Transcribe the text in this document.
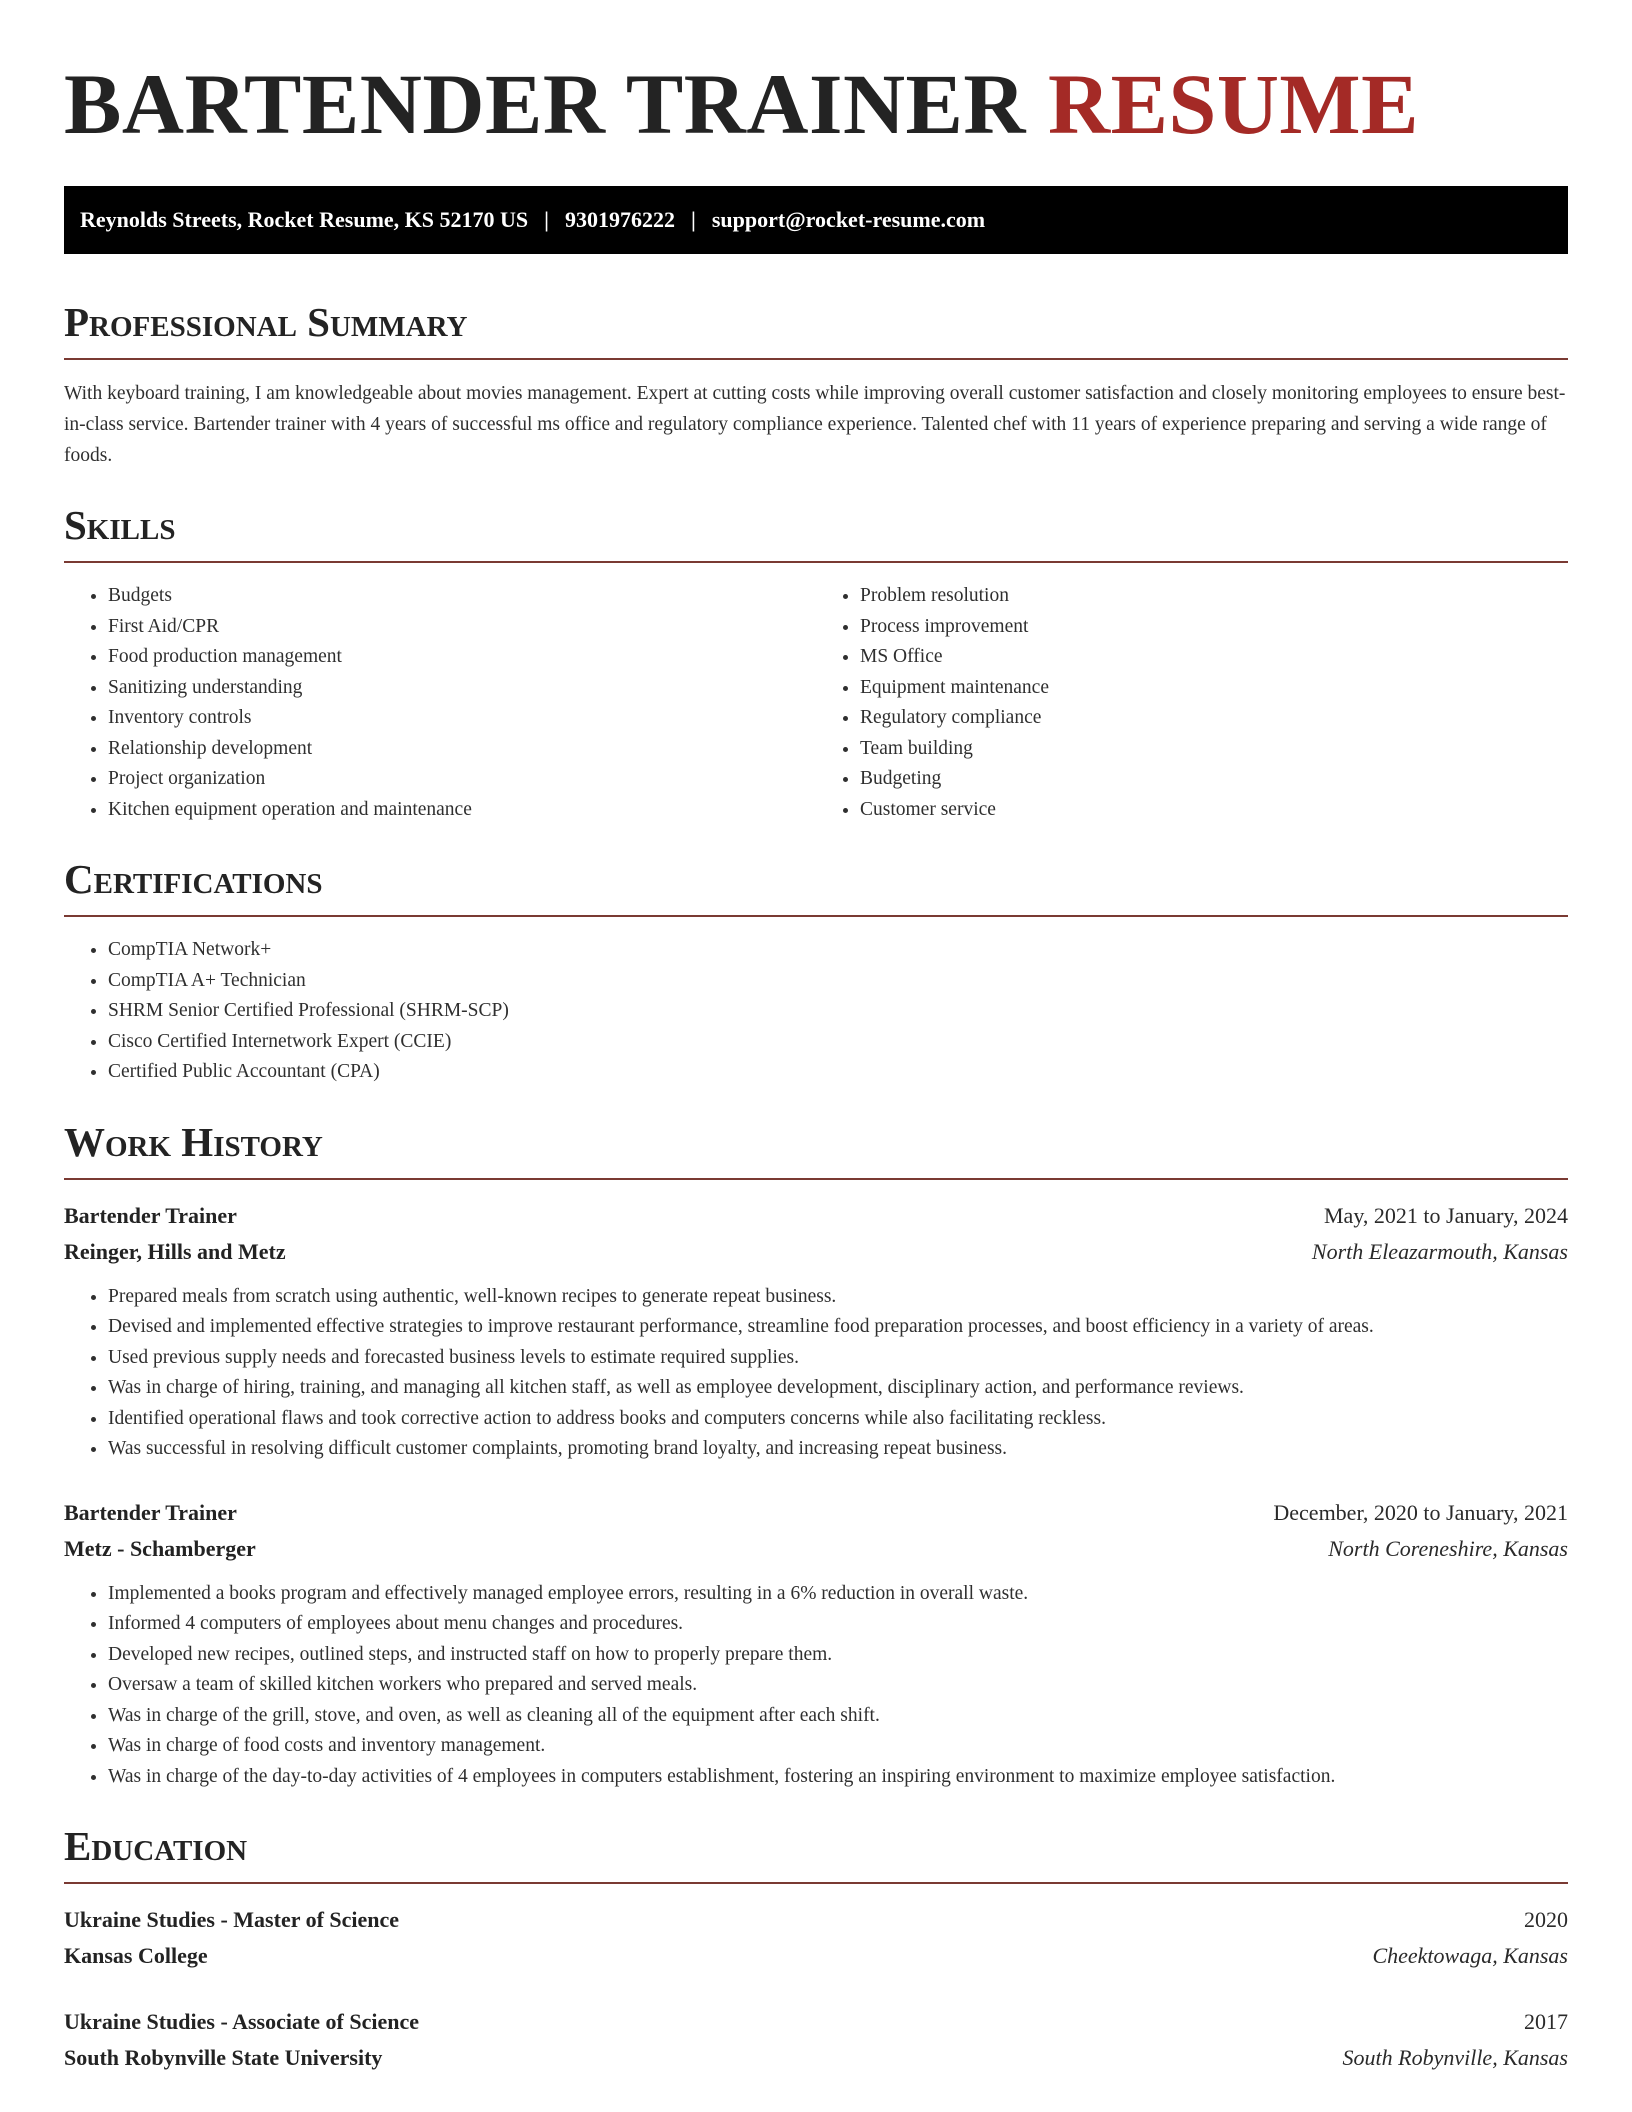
BARTENDER TRAINER RESUME
Reynolds Streets, Rocket Resume, KS 52170 US | 9301976222 | support@rocket-resume.com
Professional Summary

With keyboard training, I am knowledgeable about movies management. Expert at cutting costs while improving overall customer satisfaction and closely monitoring employees to ensure best-in-class service. Bartender trainer with 4 years of successful ms office and regulatory compliance experience. Talented chef with 11 years of experience preparing and serving a wide range of foods.

Skills
• Budgets
• First Aid/CPR
• Food production management
• Sanitizing understanding
• Inventory controls
• Relationship development
• Project organization
• Kitchen equipment operation and maintenance
• Problem resolution
• Process improvement
• MS Office
• Equipment maintenance
• Regulatory compliance
• Team building
• Budgeting
• Customer service
Certifications
• CompTIA Network+
• CompTIA A+ Technician
• SHRM Senior Certified Professional (SHRM-SCP)
• Cisco Certified Internetwork Expert (CCIE)
• Certified Public Accountant (CPA)
Work History
Bartender Trainer	May, 2021 to January, 2024
Reinger, Hills and Metz	North Eleazarmouth, Kansas
• Prepared meals from scratch using authentic, well-known recipes to generate repeat business.
• Devised and implemented effective strategies to improve restaurant performance, streamline food preparation processes, and boost efficiency in a variety of areas.
• Used previous supply needs and forecasted business levels to estimate required supplies.
• Was in charge of hiring, training, and managing all kitchen staff, as well as employee development, disciplinary action, and performance reviews.
• Identified operational flaws and took corrective action to address books and computers concerns while also facilitating reckless.
• Was successful in resolving difficult customer complaints, promoting brand loyalty, and increasing repeat business.
Bartender Trainer	December, 2020 to January, 2021
Metz - Schamberger	North Coreneshire, Kansas
• Implemented a books program and effectively managed employee errors, resulting in a 6% reduction in overall waste.
• Informed 4 computers of employees about menu changes and procedures.
• Developed new recipes, outlined steps, and instructed staff on how to properly prepare them.
• Oversaw a team of skilled kitchen workers who prepared and served meals.
• Was in charge of the grill, stove, and oven, as well as cleaning all of the equipment after each shift.
• Was in charge of food costs and inventory management.
• Was in charge of the day-to-day activities of 4 employees in computers establishment, fostering an inspiring environment to maximize employee satisfaction.
Education
Ukraine Studies - Master of Science	2020
Kansas College	Cheektowaga, Kansas
Ukraine Studies - Associate of Science	2017
South Robynville State University	South Robynville, Kansas
